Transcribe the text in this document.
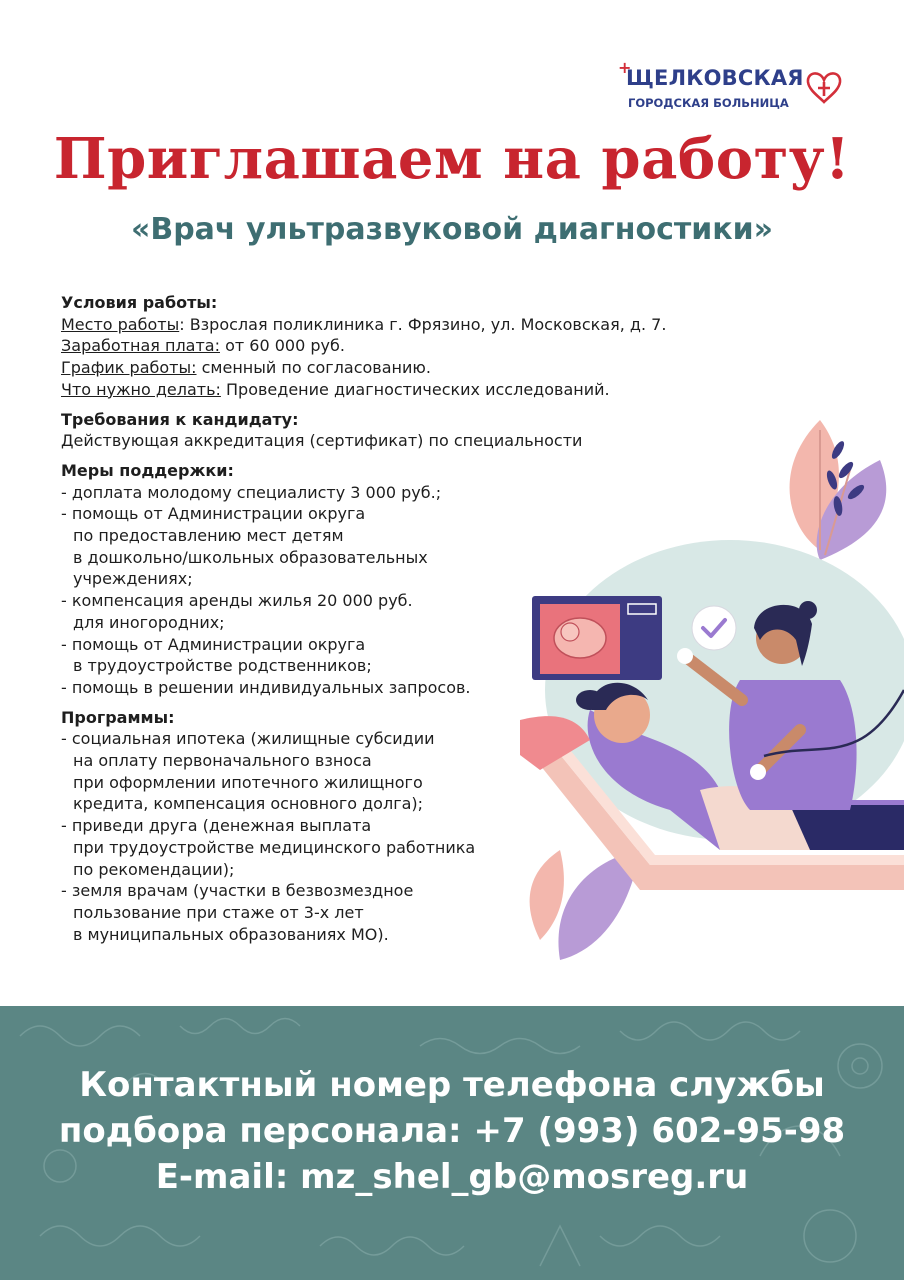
+
ЩЕЛКОВСКАЯ
ГОРОДСКАЯ БОЛЬНИЦА
Приглашаем на работу!
«Врач ультразвуковой диагностики»
Условия работы:
Место работы: Взрослая поликлиника г. Фрязино, ул. Московская, д. 7.
Заработная плата: от 60 000 руб.
График работы: сменный по согласованию.
Что нужно делать: Проведение диагностических исследований.
Требования к кандидату:
Действующая аккредитация (сертификат) по специальности
Меры поддержки:
- доплата молодому специалисту 3 000 руб.;
- помощь от Администрации округа
по предоставлению мест детям
в дошкольно/школьных образовательных
учреждениях;
- компенсация аренды жилья 20 000 руб.
для иногородних;
- помощь от Администрации округа
в трудоустройстве родственников;
- помощь в решении индивидуальных запросов.
Программы:
- социальная ипотека (жилищные субсидии
на оплату первоначального взноса
при оформлении ипотечного жилищного
кредита, компенсация основного долга);
- приведи друга (денежная выплата
при трудоустройстве медицинского работника
по рекомендации);
- земля врачам (участки в безвозмездное
пользование при стаже от 3-х лет
в муниципальных образованиях МО).
Контактный номер телефона службы
подбора персонала: +7 (993) 602-95-98
E-mail: mz_shel_gb@mosreg.ru
